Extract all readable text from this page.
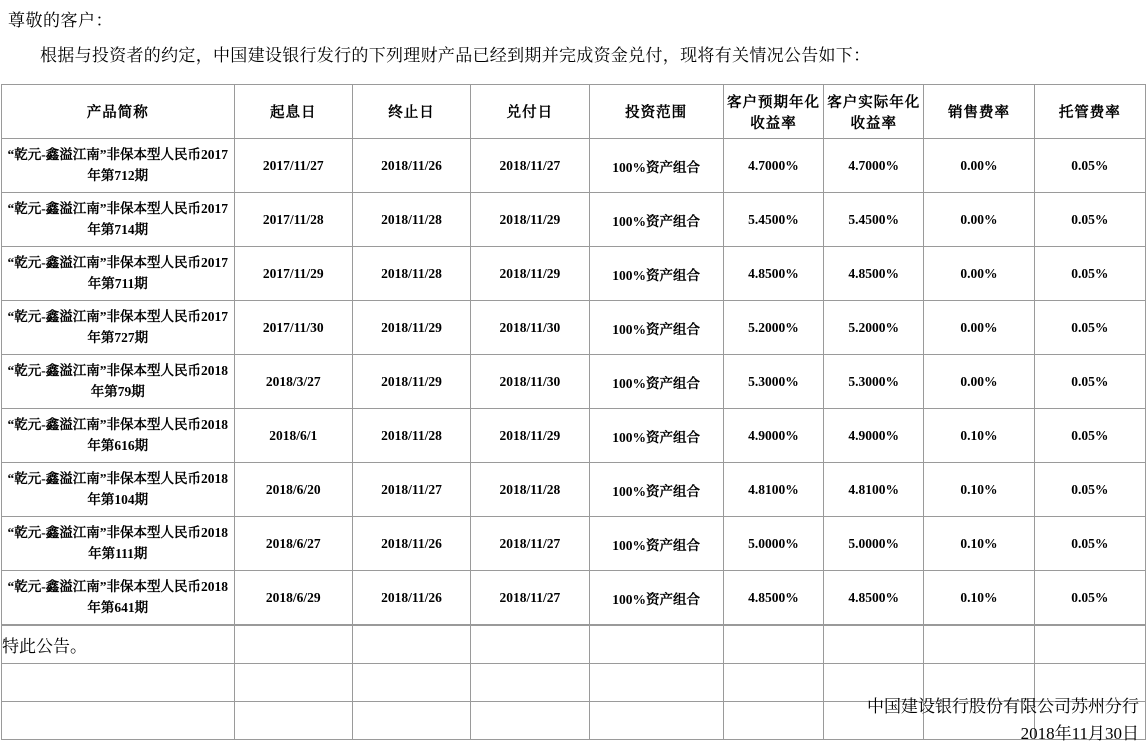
尊敬的客户：
根据与投资者的约定，中国建设银行发行的下列理财产品已经到期并完成资金兑付，现将有关情况公告如下：
产品简称	起息日	终止日	兑付日	投资范围	客户预期年化收益率	客户实际年化收益率	销售费率	托管费率
“乾元-鑫溢江南”非保本型人民币2017年第712期	2017/11/27	2018/11/26	2018/11/27	100%资产组合	4.7000%	4.7000%	0.00%	0.05%
“乾元-鑫溢江南”非保本型人民币2017年第714期	2017/11/28	2018/11/28	2018/11/29	100%资产组合	5.4500%	5.4500%	0.00%	0.05%
“乾元-鑫溢江南”非保本型人民币2017年第711期	2017/11/29	2018/11/28	2018/11/29	100%资产组合	4.8500%	4.8500%	0.00%	0.05%
“乾元-鑫溢江南”非保本型人民币2017年第727期	2017/11/30	2018/11/29	2018/11/30	100%资产组合	5.2000%	5.2000%	0.00%	0.05%
“乾元-鑫溢江南”非保本型人民币2018年第79期	2018/3/27	2018/11/29	2018/11/30	100%资产组合	5.3000%	5.3000%	0.00%	0.05%
“乾元-鑫溢江南”非保本型人民币2018年第616期	2018/6/1	2018/11/28	2018/11/29	100%资产组合	4.9000%	4.9000%	0.10%	0.05%
“乾元-鑫溢江南”非保本型人民币2018年第104期	2018/6/20	2018/11/27	2018/11/28	100%资产组合	4.8100%	4.8100%	0.10%	0.05%
“乾元-鑫溢江南”非保本型人民币2018年第111期	2018/6/27	2018/11/26	2018/11/27	100%资产组合	5.0000%	5.0000%	0.10%	0.05%
“乾元-鑫溢江南”非保本型人民币2018年第641期	2018/6/29	2018/11/26	2018/11/27	100%资产组合	4.8500%	4.8500%	0.10%	0.05%
特此公告。								

中国建设银行股份有限公司苏州分行
2018年11月30日
